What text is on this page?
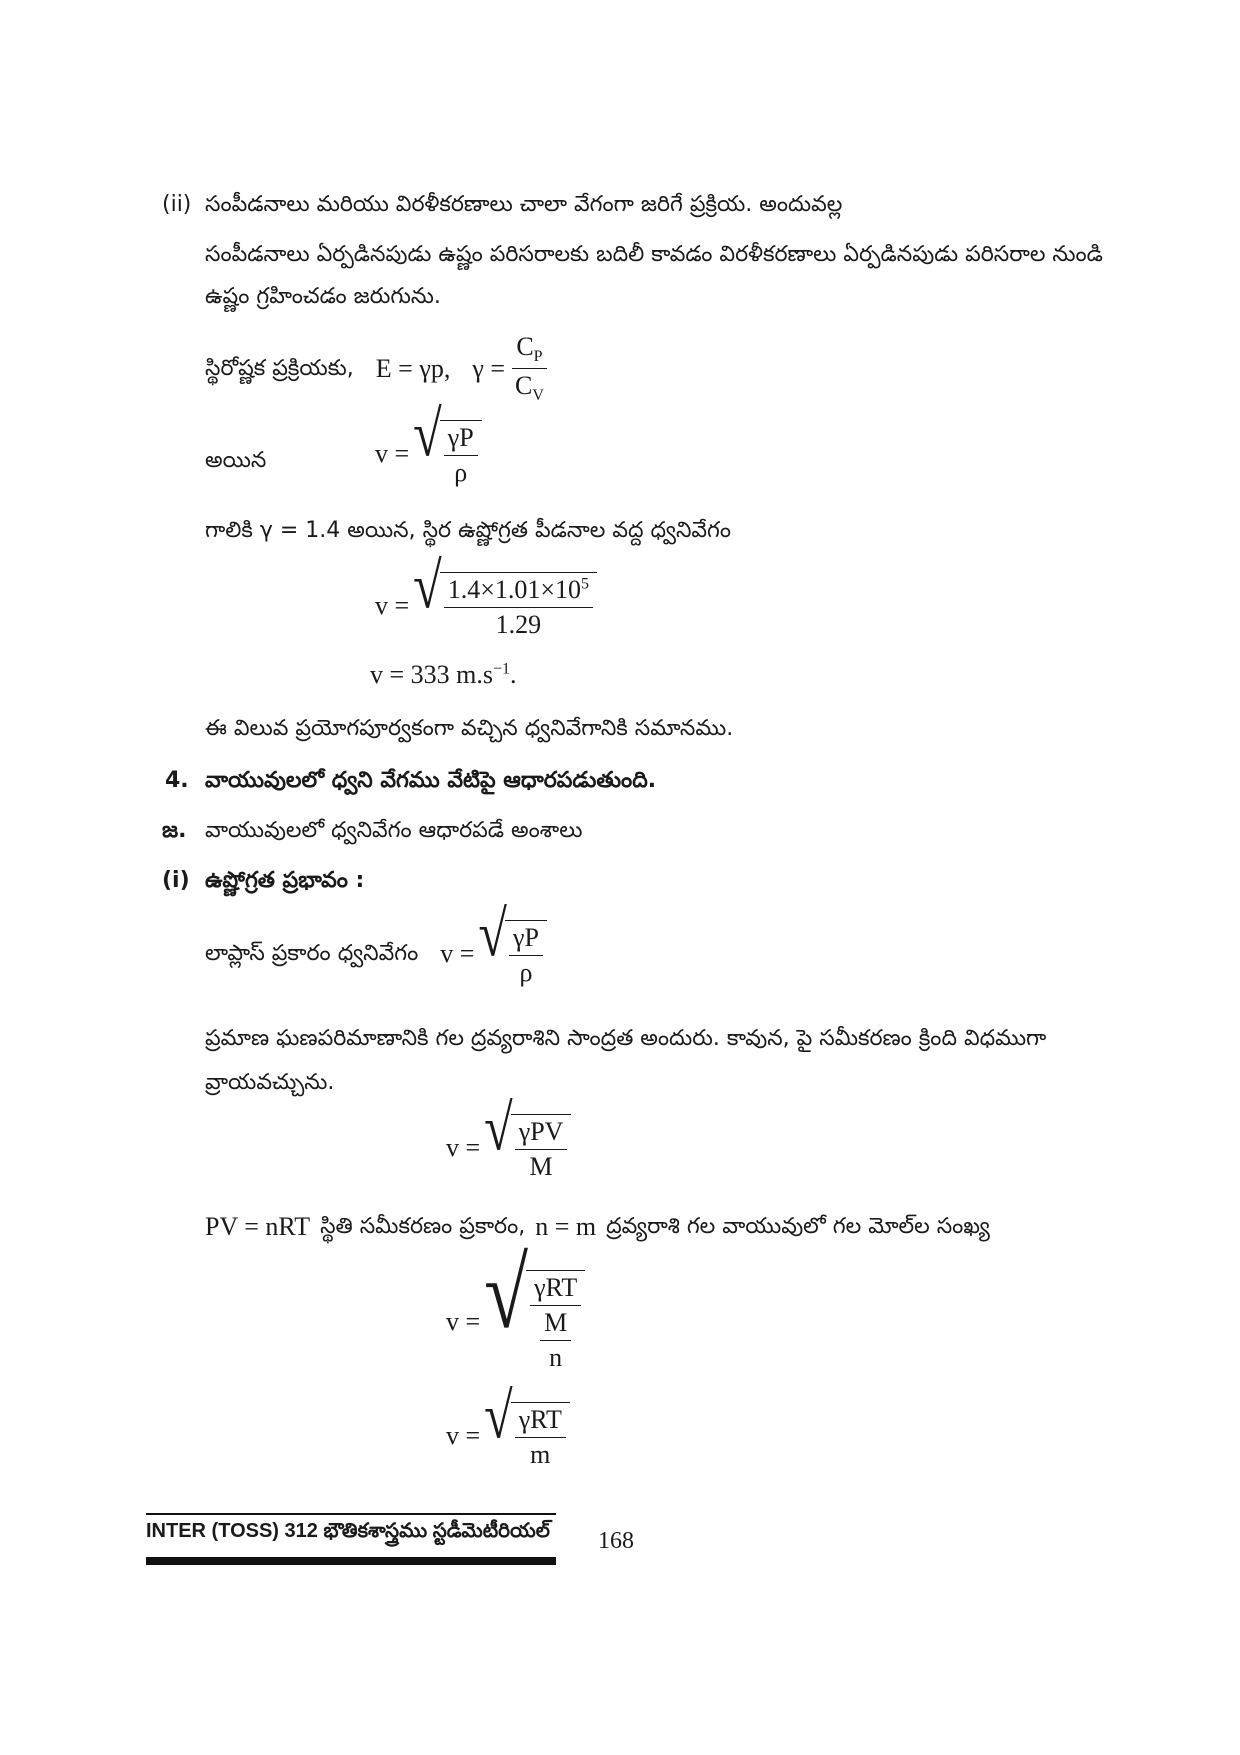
(ii) సంపీడనాలు మరియు విరళీకరణాలు చాలా వేగంగా జరిగే ప్రక్రియ. అందువల్ల
సంపీడనాలు ఏర్పడినపుడు ఉష్ణం పరిసరాలకు బదిలీ కావడం విరళీకరణాలు ఏర్పడినపుడు పరిసరాల నుండి
ఉష్ణం గ్రహించడం జరుగును.
స్థిరోష్ణక ప్రక్రియకు, E = γp, $\gamma = \frac{C_P}{C_V}$
అయిన	v = √ $\frac{\gamma P}{\rho}$
గాలికి γ = 1.4 అయిన, స్థిర ఉష్ణోగ్రత పీడనాల వద్ద ధ్వనివేగం
v = √ $\frac{1.4\times 1.01\times 10^5}{1.29}$
v = 333 $m.s^{-1}$.
ఈ విలువ ప్రయోగపూర్వకంగా వచ్చిన ధ్వనివేగానికి సమానము.
4. వాయువులలో ధ్వని వేగము వేటిపై ఆధారపడుతుంది.
జ. వాయువులలో ధ్వనివేగం ఆధారపడే అంశాలు
(i) ఉష్ణోగ్రత ప్రభావం :
లాప్లాస్ ప్రకారం ధ్వనివేగం v = √ $\frac{\gamma P}{\rho}$
ప్రమాణ ఘణపరిమాణానికి గల ద్రవ్యరాశిని సాంద్రత అందురు. కావున, పై సమీకరణం క్రింది విధముగా
వ్రాయవచ్చును.
v = √ $\frac{\text{γPV}}{M}$
PV = nRT స్థితి సమీకరణం ప్రకారం, n = m ద్రవ్యరాశి గల వాయువులో గల మోల్‌ల సంఖ్య
v = √ $\frac{\text{γRT}}{\frac{M}{n}}$
v = √ $\frac{\text{γRT}}{m}$
INTER (TOSS) 312 భౌతికశాస్త్రము స్టడీమెటీరియల్ 168
